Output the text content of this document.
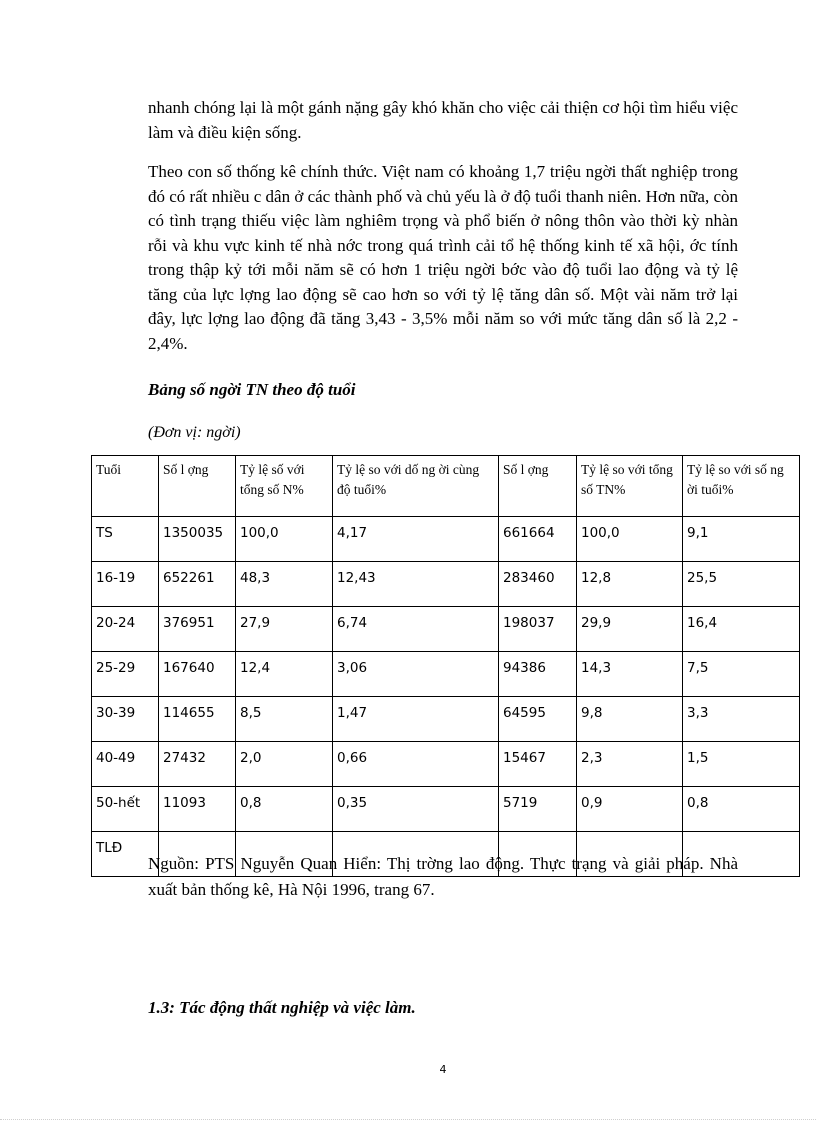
nhanh chóng lại là một gánh nặng gây khó khăn cho việc cải thiện cơ hội tìm hiểu việc làm và điều kiện sống.

Theo con số thống kê chính thức. Việt nam có khoảng 1,7 triệu ngời thất nghiệp trong đó có rất nhiều c dân ở các thành phố và chủ yếu là ở độ tuổi thanh niên. Hơn nữa, còn có tình trạng thiếu việc làm nghiêm trọng và phổ biến ở nông thôn vào thời kỳ nhàn rỗi và khu vực kinh tế nhà nớc trong quá trình cải tổ hệ thống kinh tế xã hội, ớc tính trong thập kỷ tới mỗi năm sẽ có hơn 1 triệu ngời bớc vào độ tuổi lao động và tỷ lệ tăng của lực lợng lao động sẽ cao hơn so với tỷ lệ tăng dân số. Một vài năm trở lại đây, lực lợng lao động đã tăng 3,43 - 3,5% mỗi năm so với mức tăng dân số là 2,2 - 2,4%.

Bảng số ngời TN theo độ tuổi

(Đơn vị: ngời)

Tuổi	Số l ợng	Tỷ lệ số với tổng số N%	Tỷ lệ so với dố ng ời cùng độ tuổi%	Số l ợng	Tỷ lệ so với tổng số TN%	Tỷ lệ so với số ng ời tuổi%
TS	1350035	100,0	4,17	661664	100,0	9,1
16-19	652261	48,3	12,43	283460	12,8	25,5
20-24	376951	27,9	6,74	198037	29,9	16,4
25-29	167640	12,4	3,06	94386	14,3	7,5
30-39	114655	8,5	1,47	64595	9,8	3,3
40-49	27432	2,0	0,66	15467	2,3	1,5
50-hết	11093	0,8	0,35	5719	0,9	0,8
TLĐ						

Nguồn: PTS Nguyễn Quan Hiển: Thị trờng lao động. Thực trạng và giải pháp. Nhà xuất bản thống kê, Hà Nội 1996, trang 67.

1.3: Tác động thất nghiệp và việc làm.

4
